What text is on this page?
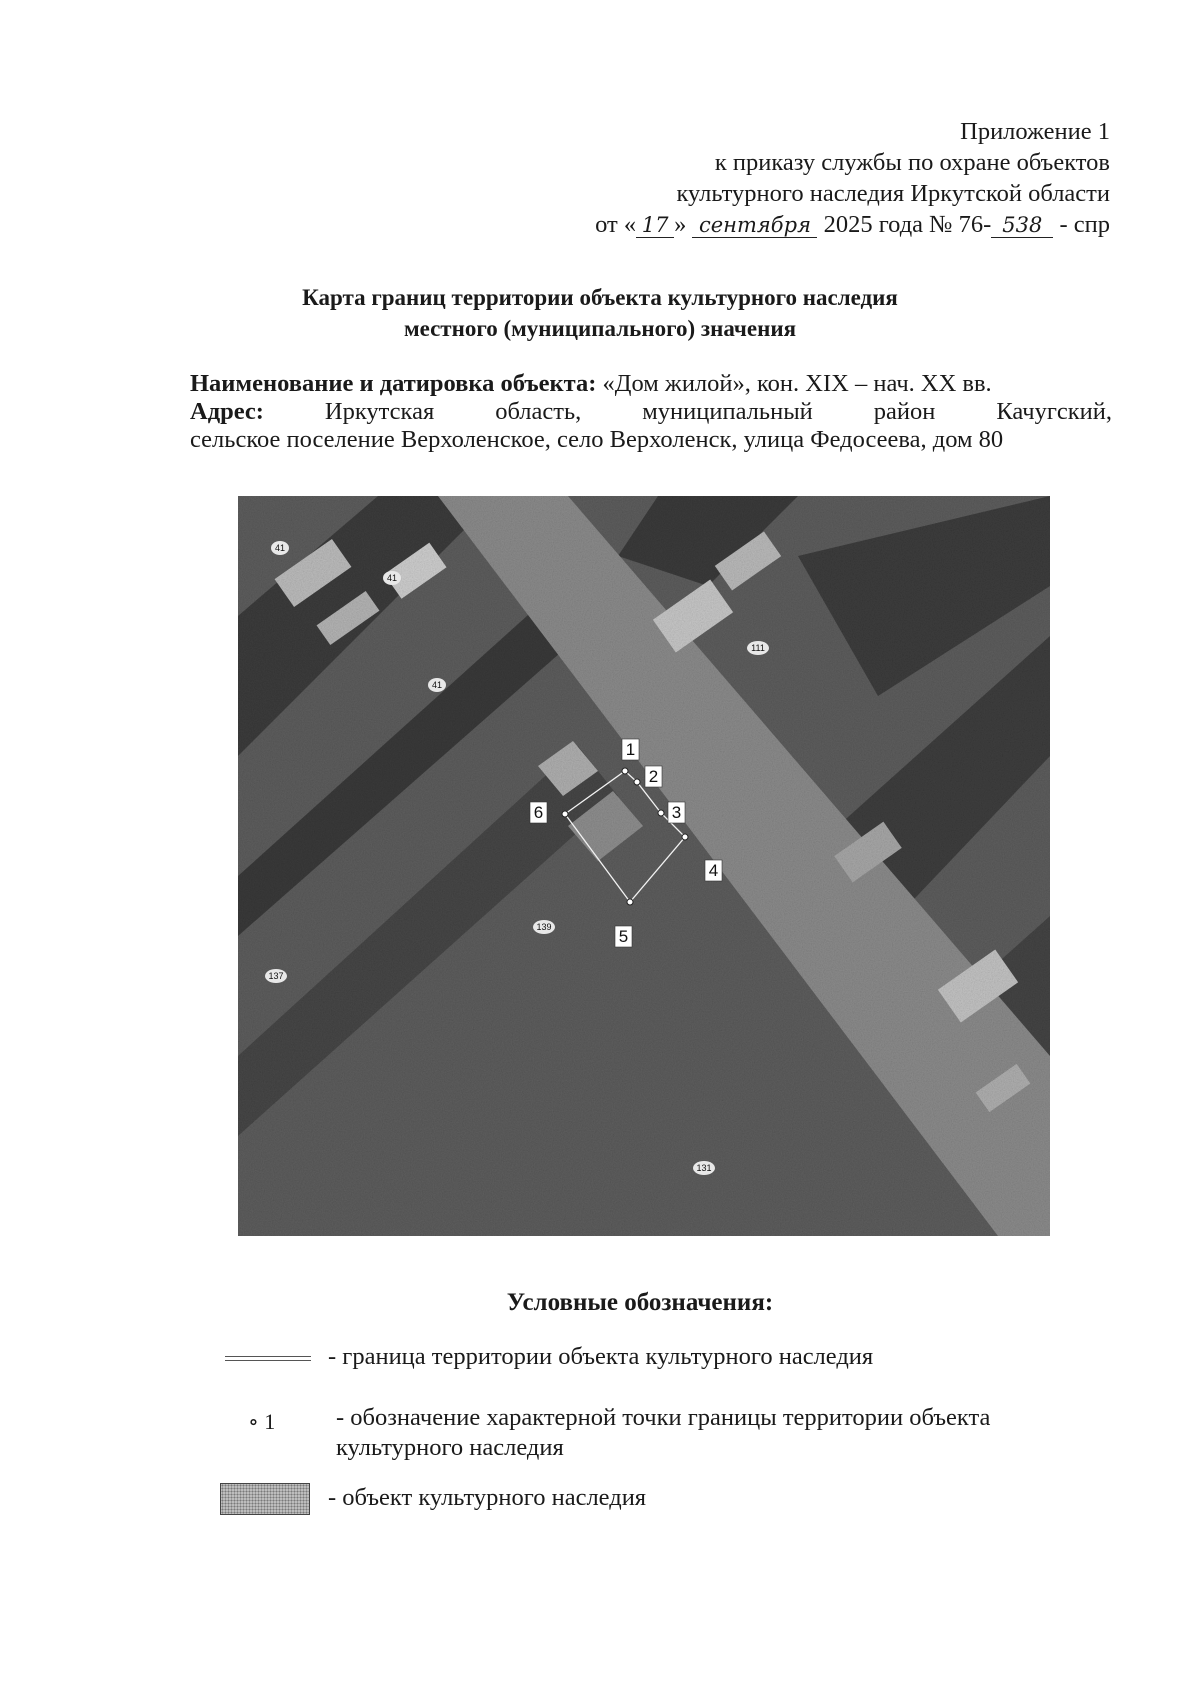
Приложение 1
к приказу службы по охране объектов
культурного наследия Иркутской области
от « 17 » сентября 2025 года № 76- 538 - спр
Карта границ территории объекта культурного наследия
местного (муниципального) значения
Наименование и датировка объекта: «Дом жилой», кон. XIX – нач. XX вв.
Адрес: Иркутская область, муниципальный район Качугский,
сельское поселение Верхоленское, село Верхоленск, улица Федосеева, дом 80
1
2
3
4
5
6
41
41
111
41
139
137
131
Условные обозначения:
- граница территории объекта культурного наследия
∘ 1 - обозначение характерной точки границы территории объекта
культурного наследия
- объект культурного наследия
